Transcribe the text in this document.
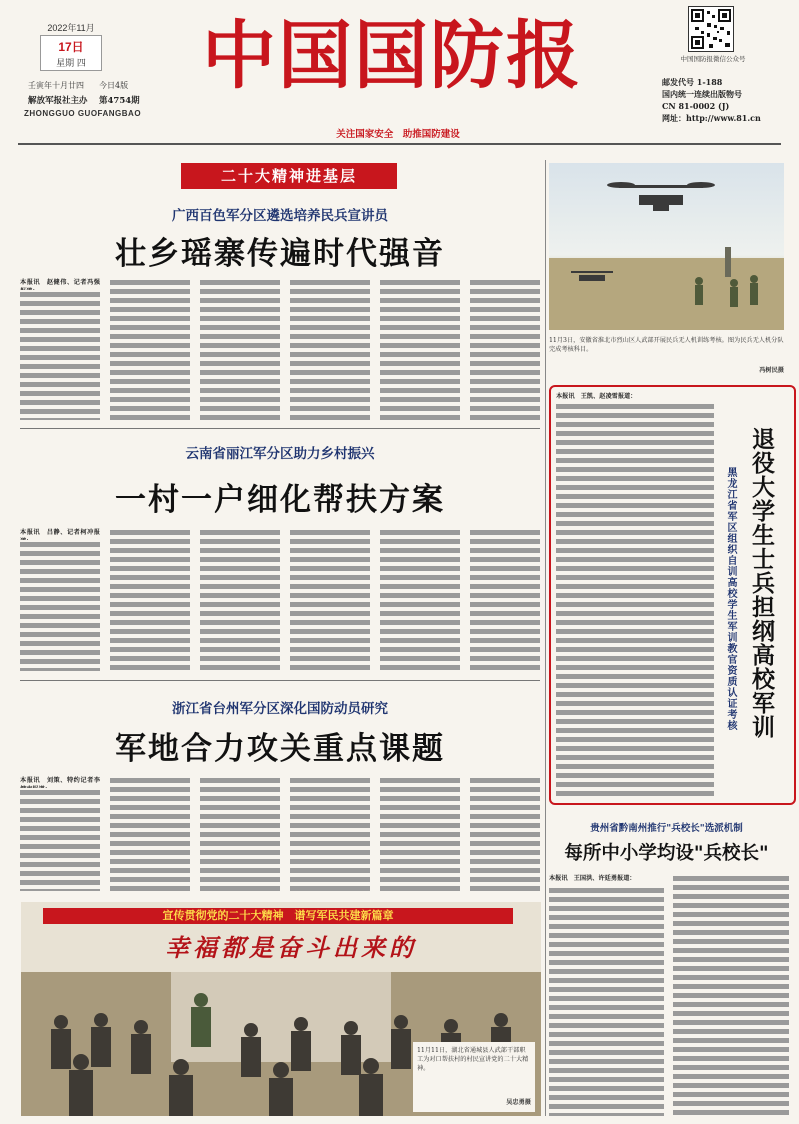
2022年11月
17日
星期 四
壬寅年十月廿四 今日4版
解放军报社主办 第4754期
ZHONGGUO GUOFANGBAO
中国国防报
关注国家安全　助推国防建设
中国国防报微信公众号
邮发代号 1-188
国内统一连续出版物号
CN 81-0002 (J)
网址：http://www.81.cn
二十大精神进基层
广西百色军分区遴选培养民兵宣讲员
壮乡瑶寨传遍时代强音
本报讯　赵健伟、记者冯强
云南省丽江军分区助力乡村振兴
一村一户细化帮扶方案
本报讯　吕静、记者柯冲报
浙江省台州军分区深化国防动员研究
军地合力攻关重点课题
本报讯　刘策、特约记者李
宣传贯彻党的二十大精神　谱写军民共建新篇章
幸福都是奋斗出来的
11月11日，湖北省通城县人武部干部职工为对口帮扶村的村民宣讲党的二十大精神。
吴忠勇摄
11月3日，安徽省淮北市烈山区人武部开展民兵无人机训练考核。图为民兵无人机分队完成考核科目。
冯树民摄
退役大学生士兵担纲高校军训
黑龙江省军区组织自训高校学生军训教官资质认证考核
本报讯　王凯、赵凌雪报道：
贵州省黔南州推行"兵校长"选派机制
每所中小学均设"兵校长"
本报讯　王国洪、许廷勇报道：
